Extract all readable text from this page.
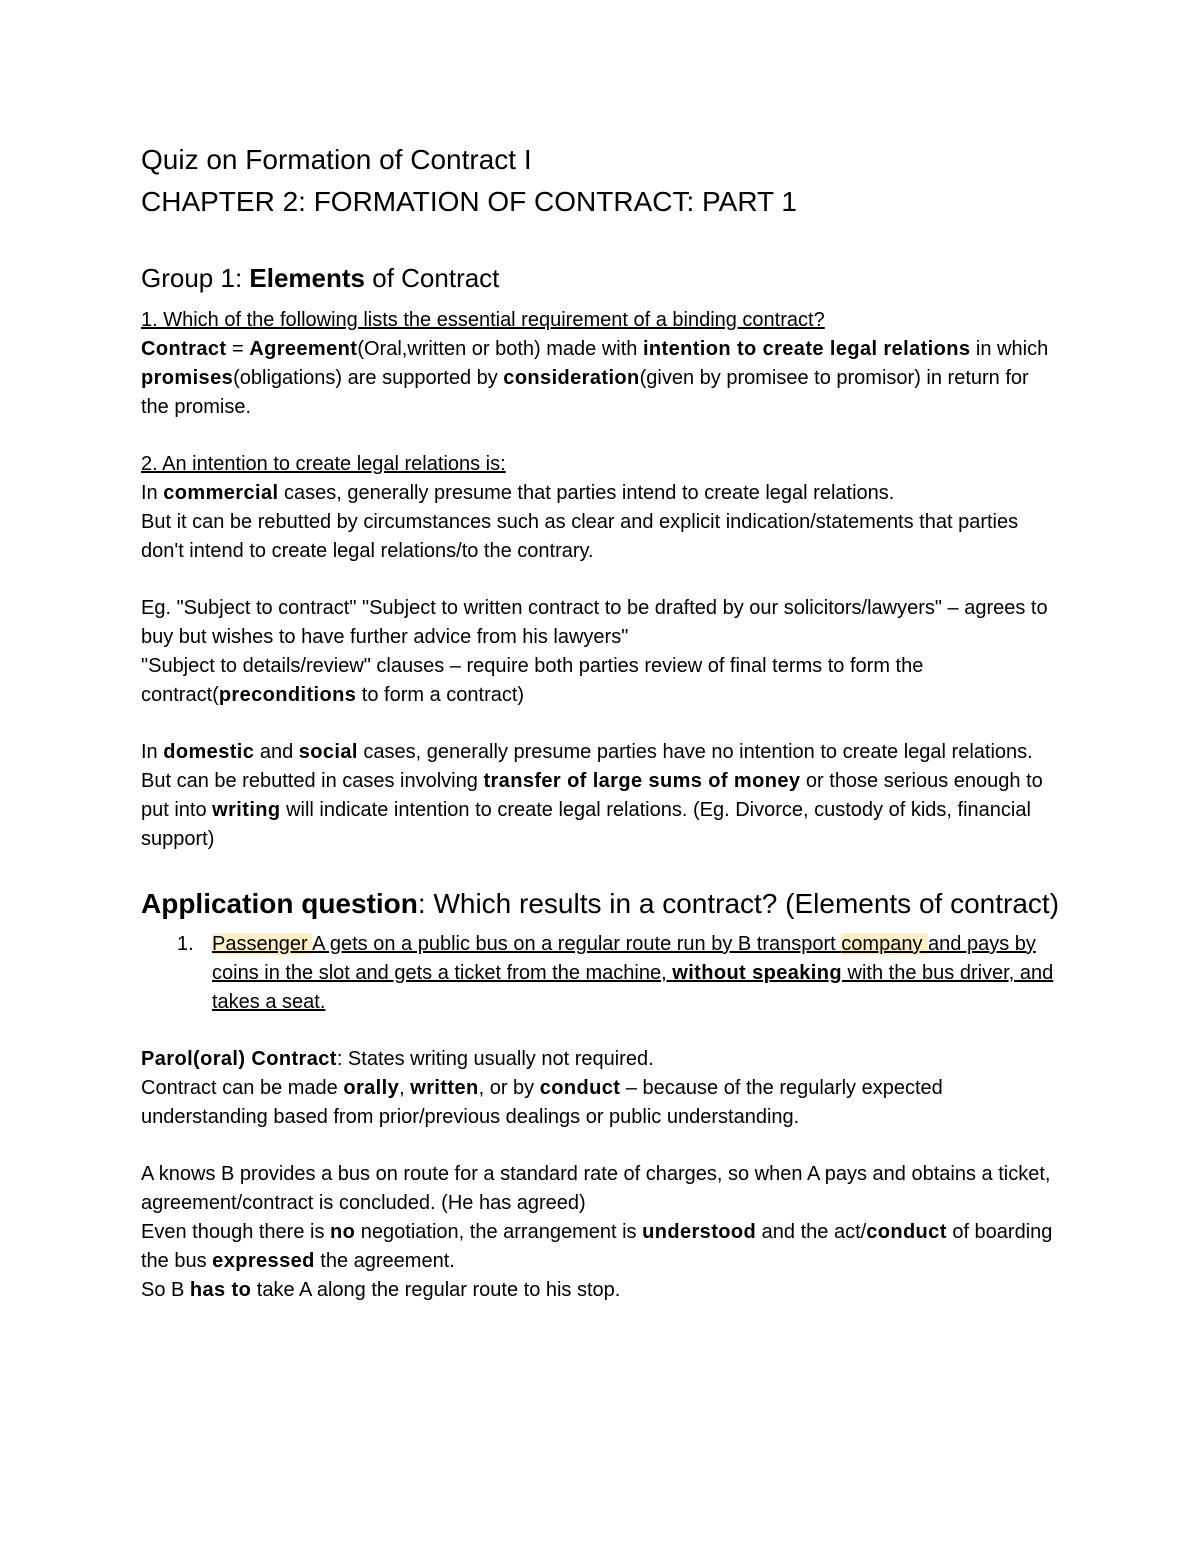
Quiz on Formation of Contract I
CHAPTER 2: FORMATION OF CONTRACT: PART 1
Group 1: Elements of Contract

1. Which of the following lists the essential requirement of a binding contract?

Contract = Agreement(Oral,written or both) made with intention to create legal relations in which promises(obligations) are supported by consideration(given by promisee to promisor) in return for the promise.

2. An intention to create legal relations is:

In commercial cases, generally presume that parties intend to create legal relations.

But it can be rebutted by circumstances such as clear and explicit indication/statements that parties don't intend to create legal relations/to the contrary.

Eg. "Subject to contract" "Subject to written contract to be drafted by our solicitors/lawyers" – agrees to buy but wishes to have further advice from his lawyers"

"Subject to details/review" clauses – require both parties review of final terms to form the contract(preconditions to form a contract)

In domestic and social cases, generally presume parties have no intention to create legal relations.

But can be rebutted in cases involving transfer of large sums of money or those serious enough to put into writing will indicate intention to create legal relations. (Eg. Divorce, custody of kids, financial support)

Application question: Which results in a contract? (Elements of contract)
1. Passenger A gets on a public bus on a regular route run by B transport company and pays by coins in the slot and gets a ticket from the machine, without speaking with the bus driver, and takes a seat.

Parol(oral) Contract: States writing usually not required.

Contract can be made orally, written, or by conduct – because of the regularly expected understanding based from prior/previous dealings or public understanding.

A knows B provides a bus on route for a standard rate of charges, so when A pays and obtains a ticket, agreement/contract is concluded. (He has agreed)

Even though there is no negotiation, the arrangement is understood and the act/conduct of boarding the bus expressed the agreement.

So B has to take A along the regular route to his stop.
